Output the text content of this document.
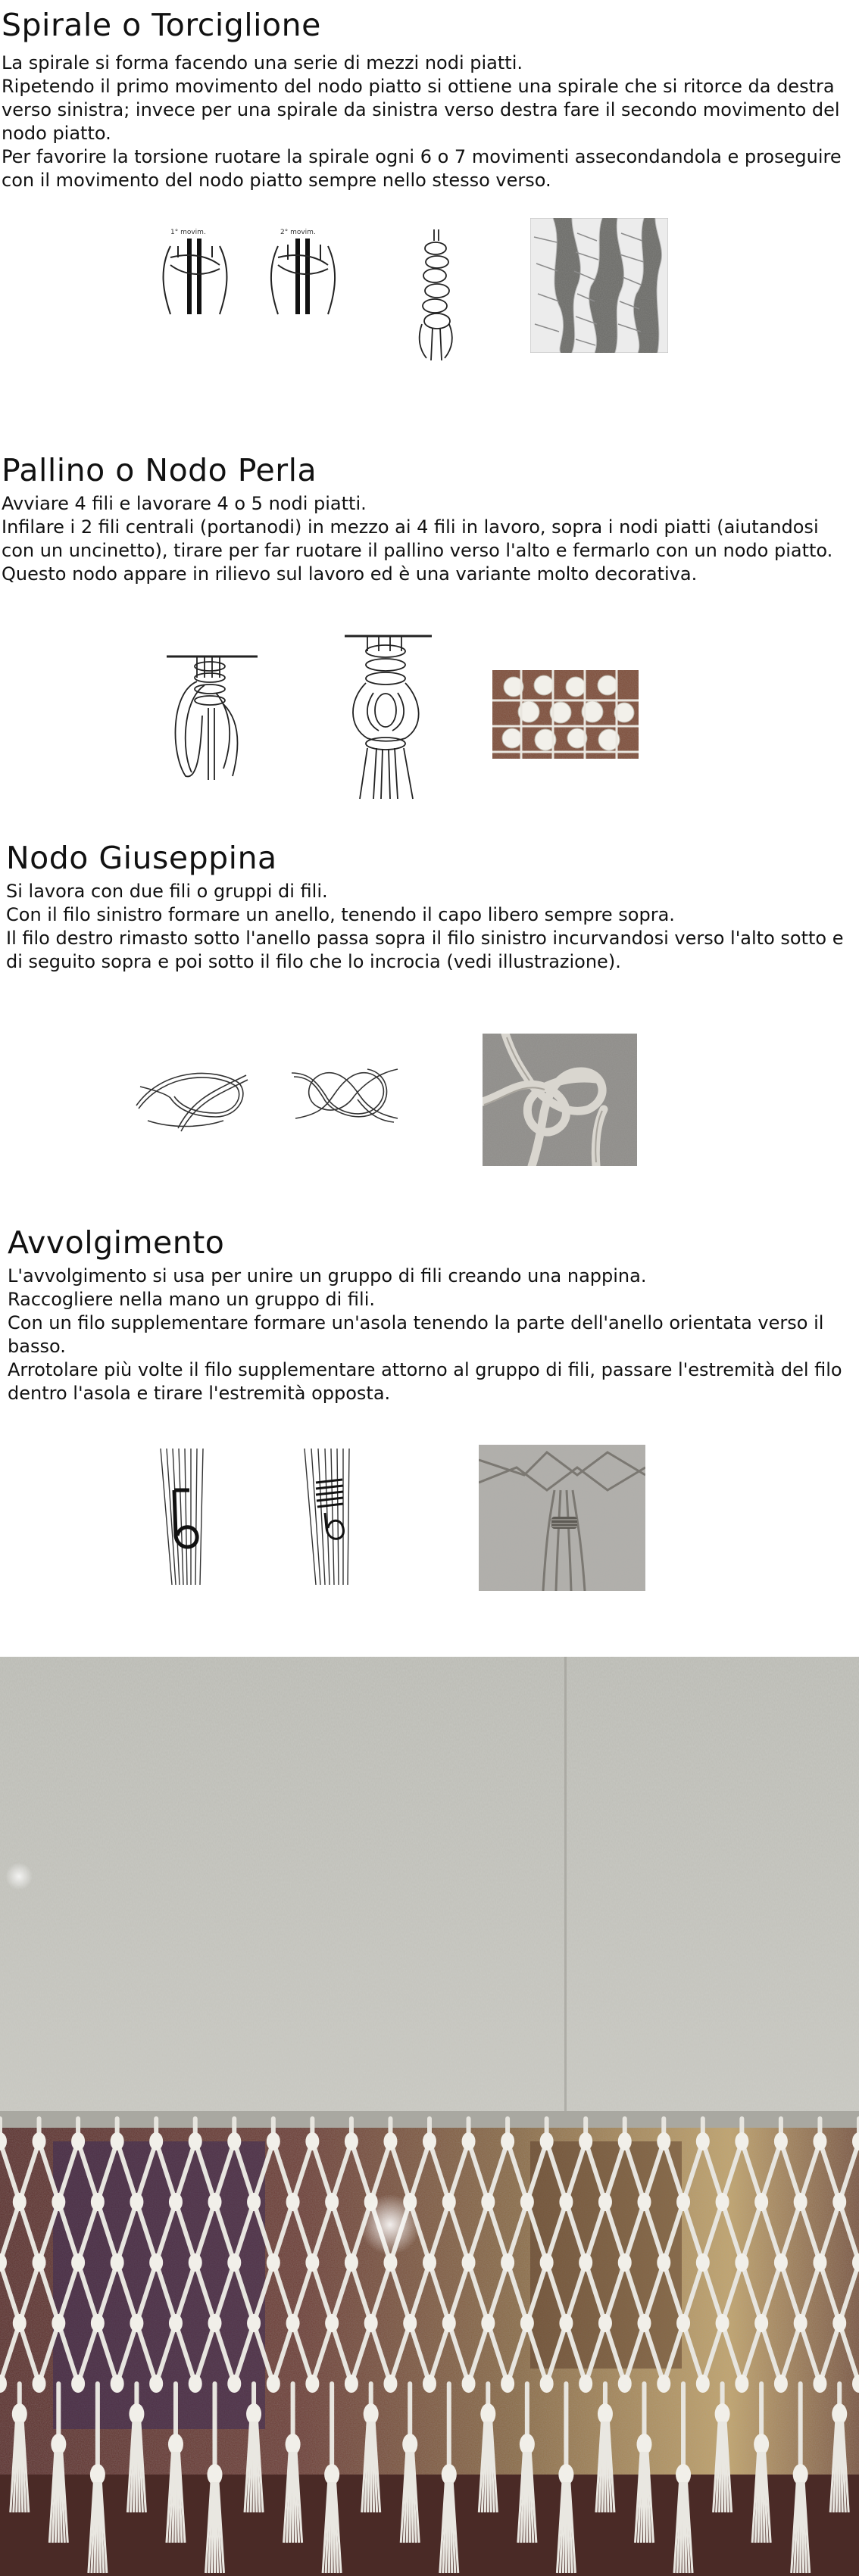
Spirale o Torciglione

La spirale si forma facendo una serie di mezzi nodi piatti.

Ripetendo il primo movimento del nodo piatto si ottiene una spirale che si ritorce da destra verso sinistra; invece per una spirale da sinistra verso destra fare il secondo movimento del nodo piatto.

Per favorire la torsione ruotare la spirale ogni 6 o 7 movimenti assecondandola e proseguire con il movimento del nodo piatto sempre nello stesso verso.

1° movim.	2° movim.
Pallino o Nodo Perla

Avviare 4 fili e lavorare 4 o 5 nodi piatti.

Infilare i 2 fili centrali (portanodi) in mezzo ai 4 fili in lavoro, sopra i nodi piatti (aiutandosi con un uncinetto), tirare per far ruotare il pallino verso l'alto e fermarlo con un nodo piatto.

Questo nodo appare in rilievo sul lavoro ed è una variante molto decorativa.

Nodo Giuseppina

Si lavora con due fili o gruppi di fili.

Con il filo sinistro formare un anello, tenendo il capo libero sempre sopra.

Il filo destro rimasto sotto l'anello passa sopra il filo sinistro incurvandosi verso l'alto sotto e di seguito sopra e poi sotto il filo che lo incrocia (vedi illustrazione).

Avvolgimento

L'avvolgimento si usa per unire un gruppo di fili creando una nappina.

Raccogliere nella mano un gruppo di fili.

Con un filo supplementare formare un'asola tenendo la parte dell'anello orientata verso il basso.

Arrotolare più volte il filo supplementare attorno al gruppo di fili, passare l'estremità del filo dentro l'asola e tirare l'estremità opposta.
